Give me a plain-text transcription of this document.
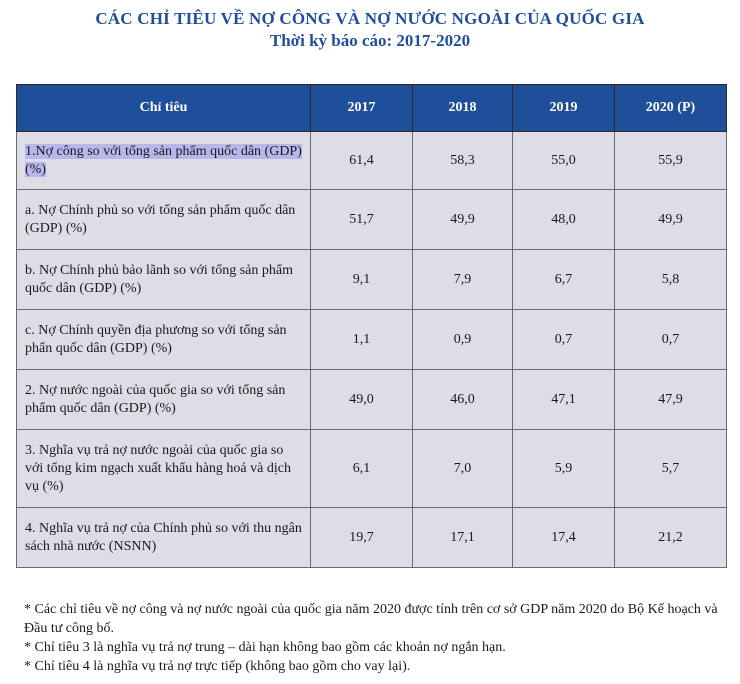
CÁC CHỈ TIÊU VỀ NỢ CÔNG VÀ NỢ NƯỚC NGOÀI CỦA QUỐC GIA
Thời kỳ báo cáo: 2017-2020
Chỉ tiêu	2017	2018	2019	2020 (P)
1.Nợ công so với tổng sản phẩm quốc dân (GDP) (%)	61,4	58,3	55,0	55,9
a. Nợ Chính phủ so với tổng sản phẩm quốc dân (GDP) (%)	51,7	49,9	48,0	49,9
b. Nợ Chính phủ bảo lãnh so với tổng sản phẩm quốc dân (GDP) (%)	9,1	7,9	6,7	5,8
c. Nợ Chính quyền địa phương so với tổng sản phẩn quốc dân (GDP) (%)	1,1	0,9	0,7	0,7
2. Nợ nước ngoài của quốc gia so với tổng sản phẩm quốc dân (GDP) (%)	49,0	46,0	47,1	47,9
3. Nghĩa vụ trả nợ nước ngoài của quốc gia so với tổng kim ngạch xuất khẩu hàng hoá và dịch vụ (%)	6,1	7,0	5,9	5,7
4. Nghĩa vụ trả nợ của Chính phủ so với thu ngân sách nhà nước (NSNN)	19,7	17,1	17,4	21,2

* Các chỉ tiêu về nợ công và nợ nước ngoài của quốc gia năm 2020 được tính trên cơ sở GDP năm 2020 do Bộ Kế hoạch và Đầu tư công bố.

* Chỉ tiêu 3 là nghĩa vụ trả nợ trung – dài hạn không bao gồm các khoản nợ ngắn hạn.

* Chỉ tiêu 4 là nghĩa vụ trả nợ trực tiếp (không bao gồm cho vay lại).
